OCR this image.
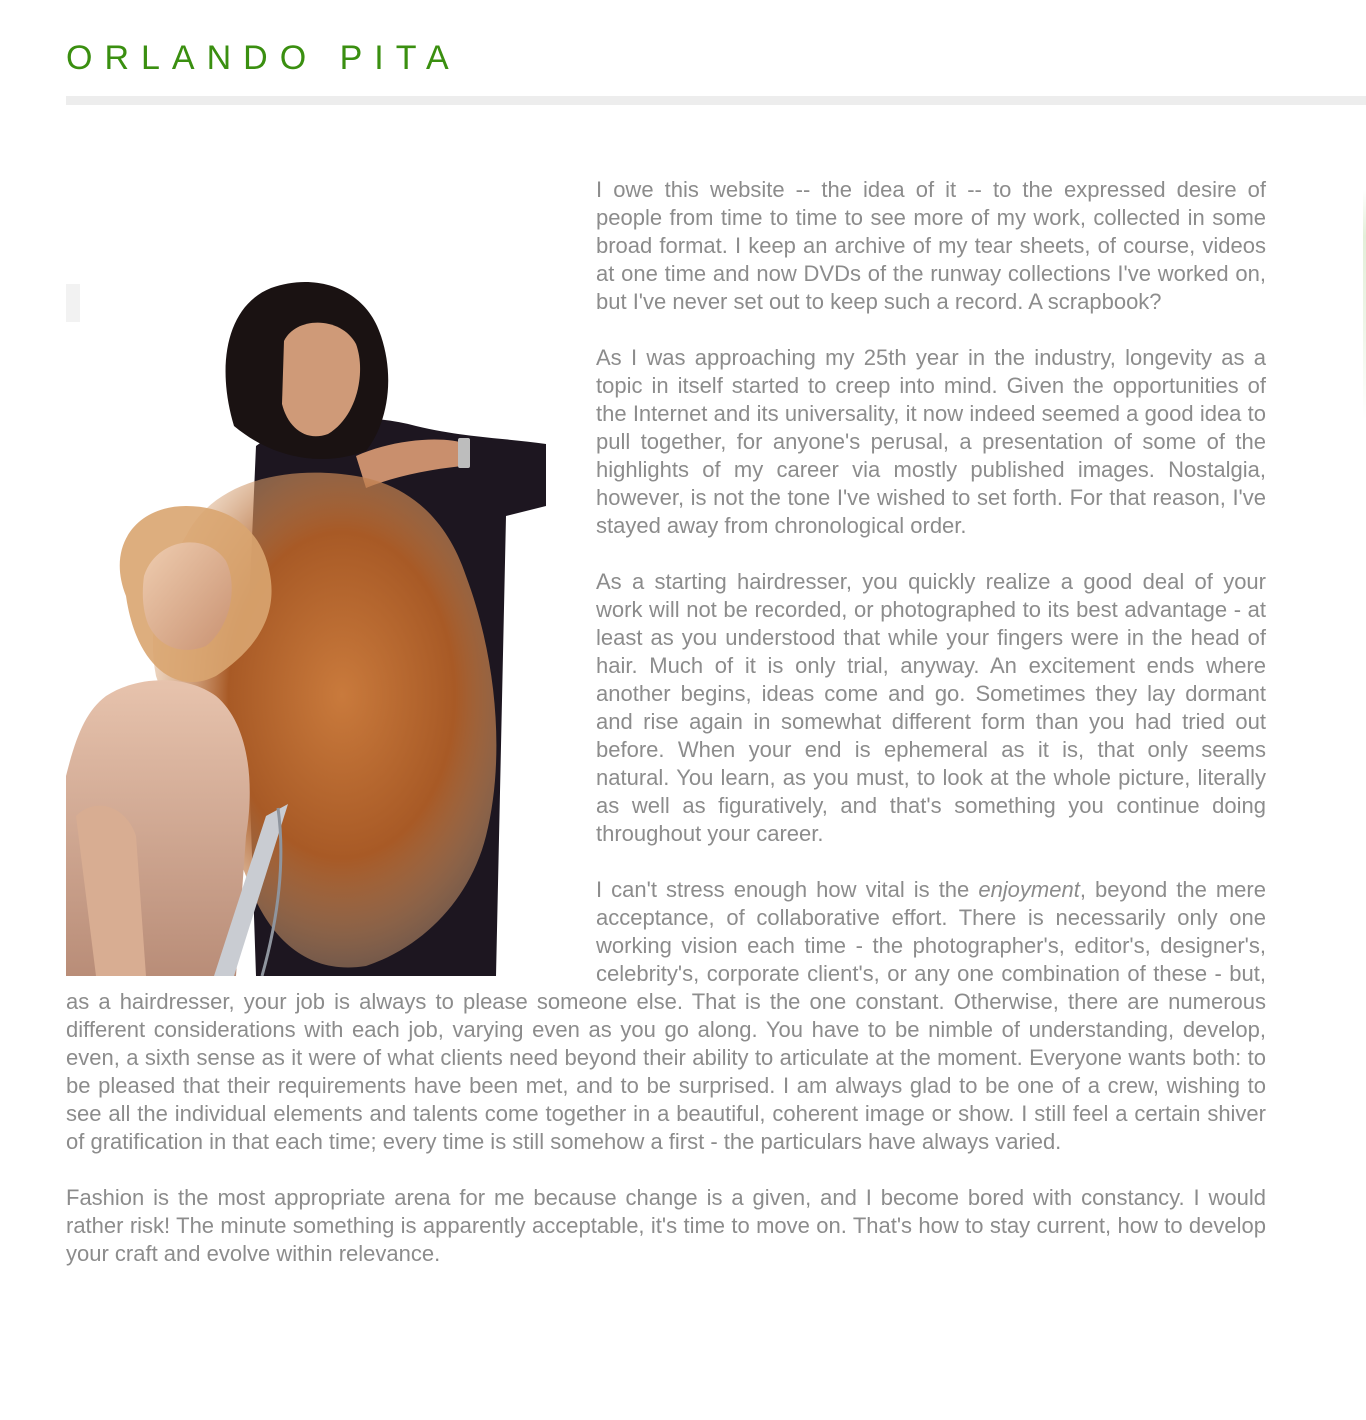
ORLANDO PITA

I owe this website -- the idea of it -- to the expressed desire of people from time to time to see more of my work, collected in some broad format. I keep an archive of my tear sheets, of course, videos at one time and now DVDs of the runway collections I've worked on, but I've never set out to keep such a record. A scrapbook?

As I was approaching my 25th year in the industry, longevity as a topic in itself started to creep into mind. Given the opportunities of the Internet and its universality, it now indeed seemed a good idea to pull together, for anyone's perusal, a presentation of some of the highlights of my career via mostly published images. Nostalgia, however, is not the tone I've wished to set forth. For that reason, I've stayed away from chronological order.

As a starting hairdresser, you quickly realize a good deal of your work will not be recorded, or photographed to its best advantage - at least as you understood that while your fingers were in the head of hair. Much of it is only trial, anyway. An excitement ends where another begins, ideas come and go. Sometimes they lay dormant and rise again in somewhat different form than you had tried out before. When your end is ephemeral as it is, that only seems natural. You learn, as you must, to look at the whole picture, literally as well as figuratively, and that's something you continue doing throughout your career.

I can't stress enough how vital is the enjoyment, beyond the mere acceptance, of collaborative effort. There is necessarily only one working vision each time - the photographer's, editor's, designer's, celebrity's, corporate client's, or any one combination of these - but, as a hairdresser, your job is always to please someone else. That is the one constant. Otherwise, there are numerous different considerations with each job, varying even as you go along. You have to be nimble of understanding, develop, even, a sixth sense as it were of what clients need beyond their ability to articulate at the moment. Everyone wants both: to be pleased that their requirements have been met, and to be surprised. I am always glad to be one of a crew, wishing to see all the individual elements and talents come together in a beautiful, coherent image or show. I still feel a certain shiver of gratification in that each time; every time is still somehow a first - the particulars have always varied.

Fashion is the most appropriate arena for me because change is a given, and I become bored with constancy. I would rather risk! The minute something is apparently acceptable, it's time to move on. That's how to stay current, how to develop your craft and evolve within relevance.
